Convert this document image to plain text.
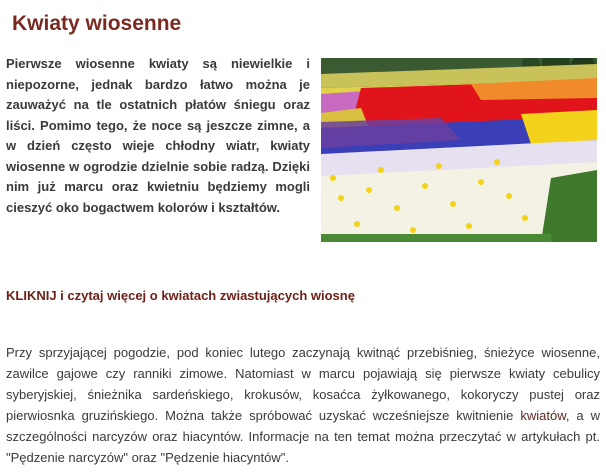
Kwiaty wiosenne

Pierwsze wiosenne kwiaty są niewielkie i niepozorne, jednak bardzo łatwo można je zauważyć na tle ostatnich płatów śniegu oraz liści. Pomimo tego, że noce są jeszcze zimne, a w dzień często wieje chłodny wiatr, kwiaty wiosenne w ogrodzie dzielnie sobie radzą. Dzięki nim już marcu oraz kwietniu będziemy mogli cieszyć oko bogactwem kolorów i kształtów.

KLIKNIJ i czytaj więcej o kwiatach zwiastujących wiosnę

Przy sprzyjającej pogodzie, pod koniec lutego zaczynają kwitnąć przebiśnieg, śnieżyce wiosenne, zawilce gajowe czy ranniki zimowe. Natomiast w marcu pojawiają się pierwsze kwiaty cebulicy syberyjskiej, śnieżnika sardeńskiego, krokusów, kosaćca żyłkowanego, kokoryczy pustej oraz pierwiosnka gruzińskiego. Można także spróbować uzyskać wcześniejsze kwitnienie kwiatów, a w szczególności narcyzów oraz hiacyntów. Informacje na ten temat można przeczytać w artykułach pt. "Pędzenie narcyzów" oraz "Pędzenie hiacyntów".
